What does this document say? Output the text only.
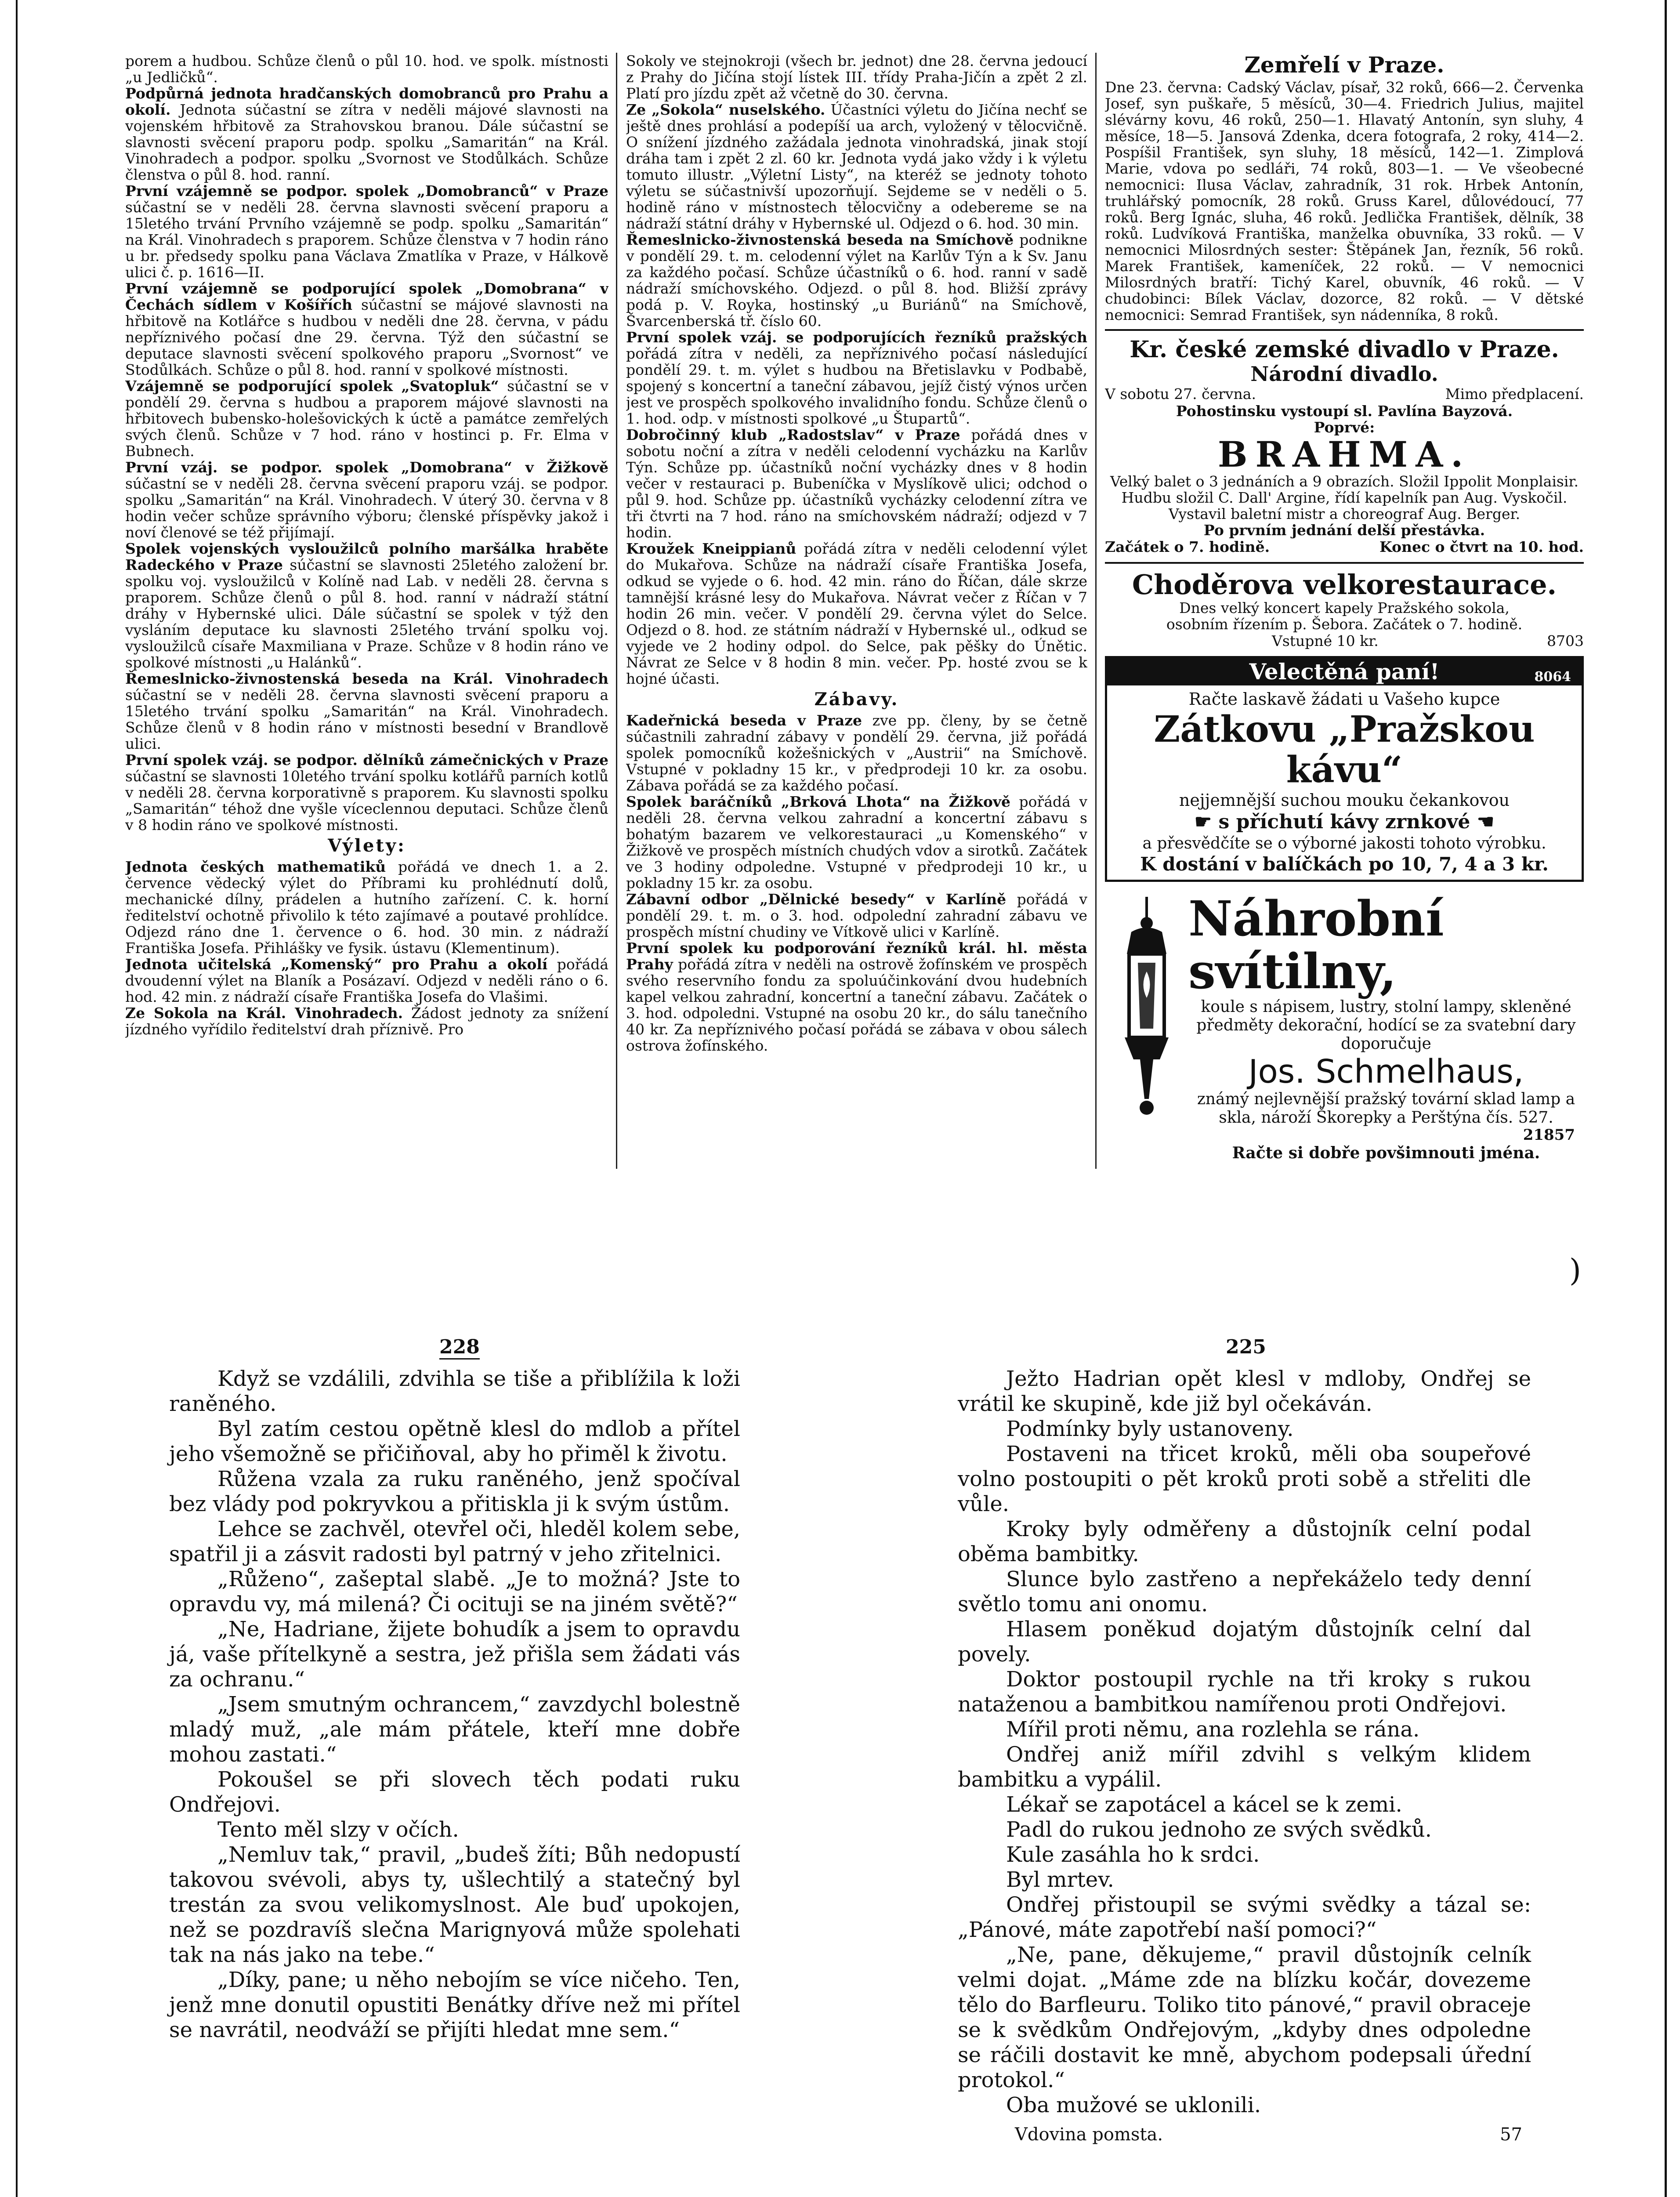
porem a hudbou. Schůze členů o půl 10. hod. ve spolk. místnosti „u Jedličků“.

Podpůrná jednota hradčanských domobranců pro Prahu a okolí. Jednota súčastní se zítra v neděli májové slavnosti na vojenském hřbitově za Strahovskou branou. Dále súčastní se slavnosti svěcení praporu podp. spolku „Samaritán“ na Král. Vinohradech a podpor. spolku „Svornost ve Stodůlkách. Schůze členstva o půl 8. hod. ranní.

První vzájemně se podpor. spolek „Domobranců“ v Praze súčastní se v neděli 28. června slavnosti svěcení praporu a 15letého trvání Prvního vzájemně se podp. spolku „Samaritán“ na Král. Vinohradech s praporem. Schůze členstva v 7 hodin ráno u br. předsedy spolku pana Václava Zmatlíka v Praze, v Hálkově ulici č. p. 1616—II.

První vzájemně se podporující spolek „Domobrana“ v Čechách sídlem v Košířích súčastní se májové slavnosti na hřbitově na Kotlářce s hudbou v neděli dne 28. června, v pádu nepříznivého počasí dne 29. června. Týž den súčastní se deputace slavnosti svěcení spolkového praporu „Svornost“ ve Stodůlkách. Schůze o půl 8. hod. ranní v spolkové místnosti.

Vzájemně se podporující spolek „Svatopluk“ súčastní se v pondělí 29. června s hudbou a praporem májové slavnosti na hřbitovech bubensko-holešovických k úctě a památce zemřelých svých členů. Schůze v 7 hod. ráno v hostinci p. Fr. Elma v Bubnech.

První vzáj. se podpor. spolek „Domobrana“ v Žižkově súčastní se v neděli 28. června svěcení praporu vzáj. se podpor. spolku „Samaritán“ na Král. Vinohradech. V úterý 30. června v 8 hodin večer schůze správního výboru; členské příspěvky jakož i noví členové se též přijímají.

Spolek vojenských vysloužilců polního maršálka hraběte Radeckého v Praze súčastní se slavnosti 25letého založení br. spolku voj. vysloužilců v Kolíně nad Lab. v neděli 28. června s praporem. Schůze členů o půl 8. hod. ranní v nádraží státní dráhy v Hybernské ulici. Dále súčastní se spolek v týž den vysláním deputace ku slavnosti 25letého trvání spolku voj. vysloužilců císaře Maxmiliana v Praze. Schůze v 8 hodin ráno ve spolkové místnosti „u Halánků“.

Řemeslnicko-živnostenská beseda na Král. Vinohradech súčastní se v neděli 28. června slavnosti svěcení praporu a 15letého trvání spolku „Samaritán“ na Král. Vinohradech. Schůze členů v 8 hodin ráno v místnosti besední v Brandlově ulici.

První spolek vzáj. se podpor. dělníků zámečnických v Praze súčastní se slavnosti 10letého trvání spolku kotlářů parních kotlů v neděli 28. června korporativně s praporem. Ku slavnosti spolku „Samaritán“ téhož dne vyšle víceclennou deputaci. Schůze členů v 8 hodin ráno ve spolkové místnosti.

Výlety:

Jednota českých mathematiků pořádá ve dnech 1. a 2. července vědecký výlet do Příbrami ku prohlédnutí dolů, mechanické dílny, prádelen a hutního zařízení. C. k. horní ředitelství ochotně přivolilo k této zajímavé a poutavé prohlídce. Odjezd ráno dne 1. července o 6. hod. 30 min. z nádraží Františka Josefa. Přihlášky ve fysik. ústavu (Klementinum).

Jednota učitelská „Komenský“ pro Prahu a okolí pořádá dvoudenní výlet na Blaník a Posázaví. Odjezd v neděli ráno o 6. hod. 42 min. z nádraží císaře Františka Josefa do Vlašimi.

Ze Sokola na Král. Vinohradech. Žádost jednoty za snížení jízdného vyřídilo ředitelství drah příznivě. Pro

Sokoly ve stejnokroji (všech br. jednot) dne 28. června jedoucí z Prahy do Jičína stojí lístek III. třídy Praha-Jičín a zpět 2 zl. Platí pro jízdu zpět až včetně do 30. června.

Ze „Sokola“ nuselského. Účastníci výletu do Jičína nechť se ještě dnes prohlásí a podepíší ua arch, vyložený v tělocvičně. O snížení jízdného zažádala jednota vinohradská, jinak stojí dráha tam i zpět 2 zl. 60 kr. Jednota vydá jako vždy i k výletu tomuto illustr. „Výletní Listy“, na kteréž se jednoty tohoto výletu se súčastnivší upozorňují. Sejdeme se v neděli o 5. hodině ráno v místnostech tělocvičny a odebereme se na nádraží státní dráhy v Hybernské ul. Odjezd o 6. hod. 30 min.

Řemeslnicko-živnostenská beseda na Smíchově podnikne v pondělí 29. t. m. celodenní výlet na Karlův Týn a k Sv. Janu za každého počasí. Schůze účastníků o 6. hod. ranní v sadě nádraží smíchovského. Odjezd. o půl 8. hod. Bližší zprávy podá p. V. Royka, hostinský „u Buriánů“ na Smíchově, Švarcenberská tř. číslo 60.

První spolek vzáj. se podporujících řezníků pražských pořádá zítra v neděli, za nepříznivého počasí následující pondělí 29. t. m. výlet s hudbou na Břetislavku v Podbabě, spojený s koncertní a taneční zábavou, jejíž čistý výnos určen jest ve prospěch spolkového invalidního fondu. Schůze členů o 1. hod. odp. v místnosti spolkové „u Štupartů“.

Dobročinný klub „Radostslav“ v Praze pořádá dnes v sobotu noční a zítra v neděli celodenní vycházku na Karlův Týn. Schůze pp. účastníků noční vycházky dnes v 8 hodin večer v restauraci p. Bubeníčka v Myslíkově ulici; odchod o půl 9. hod. Schůze pp. účastníků vycházky celodenní zítra ve tři čtvrti na 7 hod. ráno na smíchovském nádraží; odjezd v 7 hodin.

Kroužek Kneippianů pořádá zítra v neděli celodenní výlet do Mukařova. Schůze na nádraží císaře Františka Josefa, odkud se vyjede o 6. hod. 42 min. ráno do Říčan, dále skrze tamnější krásné lesy do Mukařova. Návrat večer z Říčan v 7 hodin 26 min. večer. V pondělí 29. června výlet do Selce. Odjezd o 8. hod. ze státním nádraží v Hybernské ul., odkud se vyjede ve 2 hodiny odpol. do Selce, pak pěšky do Únětic. Návrat ze Selce v 8 hodin 8 min. večer. Pp. hosté zvou se k hojné účasti.

Zábavy.

Kadeřnická beseda v Praze zve pp. členy, by se četně súčastnili zahradní zábavy v pondělí 29. června, již pořádá spolek pomocníků kožešnických v „Austrii“ na Smíchově. Vstupné v pokladny 15 kr., v předprodeji 10 kr. za osobu. Zábava pořádá se za každého počasí.

Spolek baráčníků „Brková Lhota“ na Žižkově pořádá v neděli 28. června velkou zahradní a koncertní zábavu s bohatým bazarem ve velkorestauraci „u Komenského“ v Žižkově ve prospěch místních chudých vdov a sirotků. Začátek ve 3 hodiny odpoledne. Vstupné v předprodeji 10 kr., u pokladny 15 kr. za osobu.

Zábavní odbor „Dělnické besedy“ v Karlíně pořádá v pondělí 29. t. m. o 3. hod. odpolední zahradní zábavu ve prospěch místní chudiny ve Vítkově ulici v Karlíně.

První spolek ku podporování řezníků král. hl. města Prahy pořádá zítra v neděli na ostrově žofínském ve prospěch svého reservního fondu za spoluúčinkování dvou hudebních kapel velkou zahradní, koncertní a taneční zábavu. Začátek o 3. hod. odpoledni. Vstupné na osobu 20 kr., do sálu tanečního 40 kr. Za nepříznivého počasí pořádá se zábava v obou sálech ostrova žofínského.

Zemřelí v Praze.

Dne 23. června: Cadský Václav, písař, 32 roků, 666—2. Červenka Josef, syn puškaře, 5 měsíců, 30—4. Friedrich Julius, majitel slévárny kovu, 46 roků, 250—1. Hlavatý Antonín, syn sluhy, 4 měsíce, 18—5. Jansová Zdenka, dcera fotografa, 2 roky, 414—2. Pospíšil František, syn sluhy, 18 měsíců, 142—1. Zimplová Marie, vdova po sedláři, 74 roků, 803—1. — Ve všeobecné nemocnici: Ilusa Václav, zahradník, 31 rok. Hrbek Antonín, truhlářský pomocník, 28 roků. Gruss Karel, důlovédoucí, 77 roků. Berg Ignác, sluha, 46 roků. Jedlička František, dělník, 38 roků. Ludvíková Františka, manželka obuvníka, 33 roků. — V nemocnici Milosrdných sester: Štěpánek Jan, řezník, 56 roků. Marek František, kameníček, 22 roků. — V nemocnici Milosrdných bratří: Tichý Karel, obuvník, 46 roků. — V chudobinci: Bílek Václav, dozorce, 82 roků. — V dětské nemocnici: Semrad František, syn nádenníka, 8 roků.

Kr. české zemské divadlo v Praze.
Národní divadlo.
V sobotu 27. června.	Mimo předplacení.
Pohostinsku vystoupí sl. Pavlína Bayzová.
Poprvé:
BRAHMA.
Velký balet o 3 jednáních a 9 obrazích. Složil Ippolit Monplaisir. Hudbu složil C. Dall' Argine, řídí kapelník pan Aug. Vyskočil. Vystavil baletní mistr a choreograf Aug. Berger.
Po prvním jednání delší přestávka.
Začátek o 7. hodině.	Konec o čtvrt na 10. hod.
Choděrova velkorestaurace.
Dnes velký koncert kapely Pražského sokola,
osobním řízením p. Šebora. Začátek o 7. hodině.
Vstupné 10 kr.	8703
Velectěná paní!	8064
Račte laskavě žádati u Vašeho kupce
Zátkovu „Pražskou kávu“
nejjemnější suchou mouku čekankovou
☛ s příchutí kávy zrnkové ☚
a přesvědčíte se o výborné jakosti tohoto výrobku.
K dostání v balíčkách po 10, 7, 4 a 3 kr.
Náhrobní svítilny,
koule s nápisem, lustry, stolní lampy, skleněné předměty dekorační, hodící se za svatební dary doporučuje
Jos. Schmelhaus,
známý nejlevnější pražský tovární sklad lamp a skla, nároží Škorepky a Perštýna čís. 527.
21857
Račte si dobře povšimnouti jména.
)
228	225

Když se vzdálili, zdvihla se tiše a přiblížila k loži raněného.

Byl zatím cestou opětně klesl do mdlob a přítel jeho všemožně se přičiňoval, aby ho přiměl k životu.

Růžena vzala za ruku raněného, jenž spočíval bez vlády pod pokryvkou a přitiskla ji k svým ústům.

Lehce se zachvěl, otevřel oči, hleděl kolem sebe, spatřil ji a zásvit radosti byl patrný v jeho zřitelnici.

„Růženo“, zašeptal slabě. „Je to možná? Jste to opravdu vy, má milená? Či ocituji se na jiném světě?“

„Ne, Hadriane, žijete bohudík a jsem to opravdu já, vaše přítelkyně a sestra, jež přišla sem žádati vás za ochranu.“

„Jsem smutným ochrancem,“ zavzdychl bolestně mladý muž, „ale mám přátele, kteří mne dobře mohou zastati.“

Pokoušel se při slovech těch podati ruku Ondřejovi.

Tento měl slzy v očích.

„Nemluv tak,“ pravil, „budeš žíti; Bůh nedopustí takovou svévoli, abys ty, ušlechtilý a statečný byl trestán za svou velikomyslnost. Ale buď upokojen, než se pozdravíš slečna Marignyová může spolehati tak na nás jako na tebe.“

„Díky, pane; u něho nebojím se více ničeho. Ten, jenž mne donutil opustiti Benátky dříve než mi přítel se navrátil, neodváží se přijíti hledat mne sem.“

Ježto Hadrian opět klesl v mdloby, Ondřej se vrátil ke skupině, kde již byl očekáván.

Podmínky byly ustanoveny.

Postaveni na třicet kroků, měli oba soupeřové volno postoupiti o pět kroků proti sobě a střeliti dle vůle.

Kroky byly odměřeny a důstojník celní podal oběma bambitky.

Slunce bylo zastřeno a nepřekáželo tedy denní světlo tomu ani onomu.

Hlasem poněkud dojatým důstojník celní dal povely.

Doktor postoupil rychle na tři kroky s rukou nataženou a bambitkou namířenou proti Ondřejovi.

Mířil proti němu, ana rozlehla se rána.

Ondřej aniž mířil zdvihl s velkým klidem bambitku a vypálil.

Lékař se zapotácel a kácel se k zemi.

Padl do rukou jednoho ze svých svědků.

Kule zasáhla ho k srdci.

Byl mrtev.

Ondřej přistoupil se svými svědky a tázal se: „Pánové, máte zapotřebí naší pomoci?“

„Ne, pane, děkujeme,“ pravil důstojník celník velmi dojat. „Máme zde na blízku kočár, dovezeme tělo do Barfleuru. Toliko tito pánové,“ pravil obraceje se k svědkům Ondřejovým, „kdyby dnes odpoledne se ráčili dostavit ke mně, abychom podepsali úřední protokol.“

Oba mužové se uklonili.

Vdovina pomsta.	57
